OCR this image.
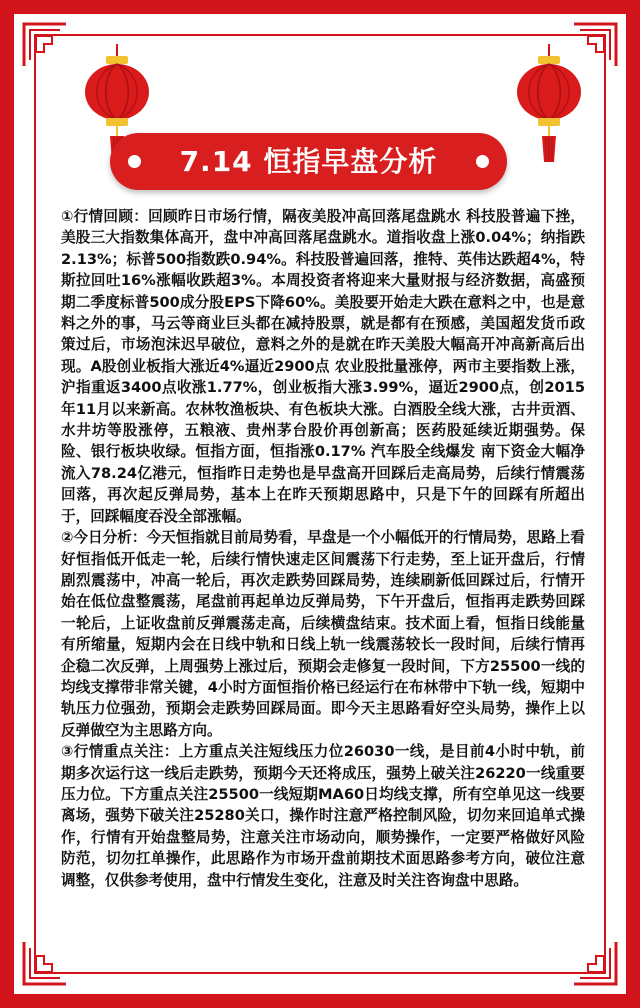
7.14 恒指早盘分析

①行情回顾：回顾昨日市场行情，隔夜美股冲高回落尾盘跳水 科技股普遍下挫，美股三大指数集体高开，盘中冲高回落尾盘跳水。道指收盘上涨0.04%；纳指跌2.13%；标普500指数跌0.94%。科技股普遍回落，推特、英伟达跌超4%，特斯拉回吐16%涨幅收跌超3%。本周投资者将迎来大量财报与经济数据，高盛预期二季度标普500成分股EPS下降60%。美股要开始走大跌在意料之中，也是意料之外的事，马云等商业巨头都在减持股票，就是都有在预感，美国超发货币政策过后，市场泡沫迟早破位，意料之外的是就在昨天美股大幅高开冲高新高后出现。A股创业板指大涨近4%逼近2900点 农业股批量涨停，两市主要指数上涨，沪指重返3400点收涨1.77%，创业板指大涨3.99%，逼近2900点，创2015年11月以来新高。农林牧渔板块、有色板块大涨。白酒股全线大涨，古井贡酒、水井坊等股涨停，五粮液、贵州茅台股价再创新高；医药股延续近期强势。保险、银行板块收绿。恒指方面，恒指涨0.17% 汽车股全线爆发 南下资金大幅净流入78.24亿港元，恒指昨日走势也是早盘高开回踩后走高局势，后续行情震荡回落，再次起反弹局势，基本上在昨天预期思路中，只是下午的回踩有所超出于，回踩幅度吞没全部涨幅。

②今日分析：今天恒指就目前局势看，早盘是一个小幅低开的行情局势，思路上看好恒指低开低走一轮，后续行情快速走区间震荡下行走势，至上证开盘后，行情剧烈震荡中，冲高一轮后，再次走跌势回踩局势，连续刷新低回踩过后，行情开始在低位盘整震荡，尾盘前再起单边反弹局势，下午开盘后，恒指再走跌势回踩一轮后，上证收盘前反弹震荡走高，后续横盘结束。技术面上看，恒指日线能量有所缩量，短期内会在日线中轨和日线上轨一线震荡较长一段时间，后续行情再企稳二次反弹，上周强势上涨过后，预期会走修复一段时间，下方25500一线的均线支撑带非常关键，4小时方面恒指价格已经运行在布林带中下轨一线，短期中轨压力位强劲，预期会走跌势回踩局面。即今天主思路看好空头局势，操作上以反弹做空为主思路方向。

③行情重点关注：上方重点关注短线压力位26030一线，是目前4小时中轨，前期多次运行这一线后走跌势，预期今天还将成压，强势上破关注26220一线重要压力位。下方重点关注25500一线短期MA60日均线支撑，所有空单见这一线要离场，强势下破关注25280关口，操作时注意严格控制风险，切勿来回追单式操作，行情有开始盘整局势，注意关注市场动向，顺势操作，一定要严格做好风险防范，切勿扛单操作，此思路作为市场开盘前期技术面思路参考方向，破位注意调整，仅供参考使用，盘中行情发生变化，注意及时关注咨询盘中思路。
